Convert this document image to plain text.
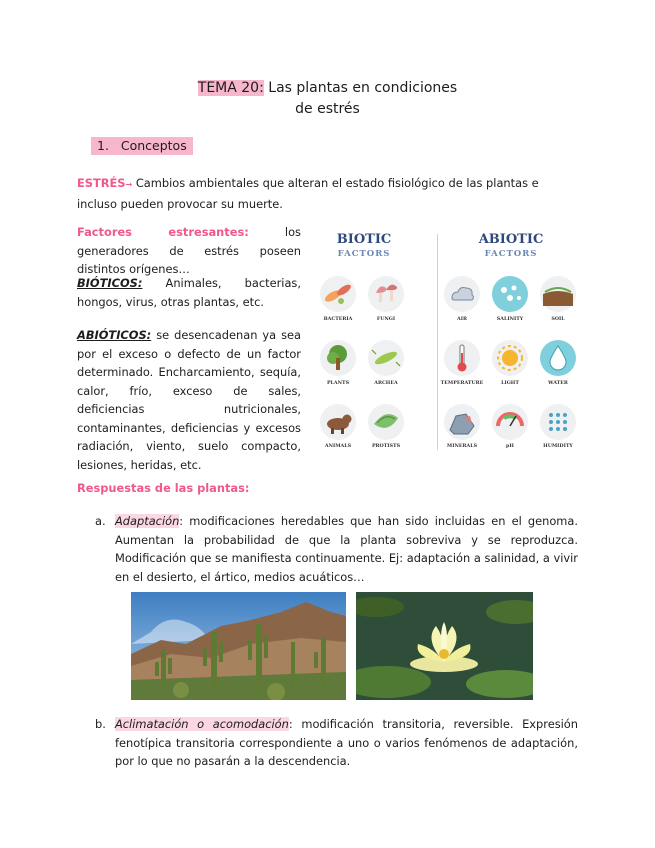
TEMA 20: Las plantas en condiciones
de estrés
1. Conceptos
ESTRÉS→ Cambios ambientales que alteran el estado fisiológico de las plantas e incluso pueden provocar su muerte.
Factores estresantes: los generadores de estrés poseen distintos orígenes…
BIÓTICOS: Animales, bacterias, hongos, virus, otras plantas, etc.
ABIÓTICOS: se desencadenan ya sea por el exceso o defecto de un factor determinado. Encharcamiento, sequía, calor, frío, exceso de sales, deficiencias nutricionales, contaminantes, deficiencias y excesos radiación, viento, suelo compacto, lesiones, heridas, etc.
BIOTIC
FACTORS
ABIOTIC
FACTORS
BACTERIA	FUNGI
PLANTS	ARCHEA
ANIMALS	PROTISTS
AIR	SALINITY	SOIL
TEMPERATURE	LIGHT	WATER
MINERALS	pH	HUMIDITY
Respuestas de las plantas:
a. Adaptación: modificaciones heredables que han sido incluidas en el genoma. Aumentan la probabilidad de que la planta sobreviva y se reproduzca. Modificación que se manifiesta continuamente. Ej: adaptación a salinidad, a vivir en el desierto, el ártico, medios acuáticos…
b. Aclimatación o acomodación: modificación transitoria, reversible. Expresión fenotípica transitoria correspondiente a uno o varios fenómenos de adaptación, por lo que no pasarán a la descendencia.
